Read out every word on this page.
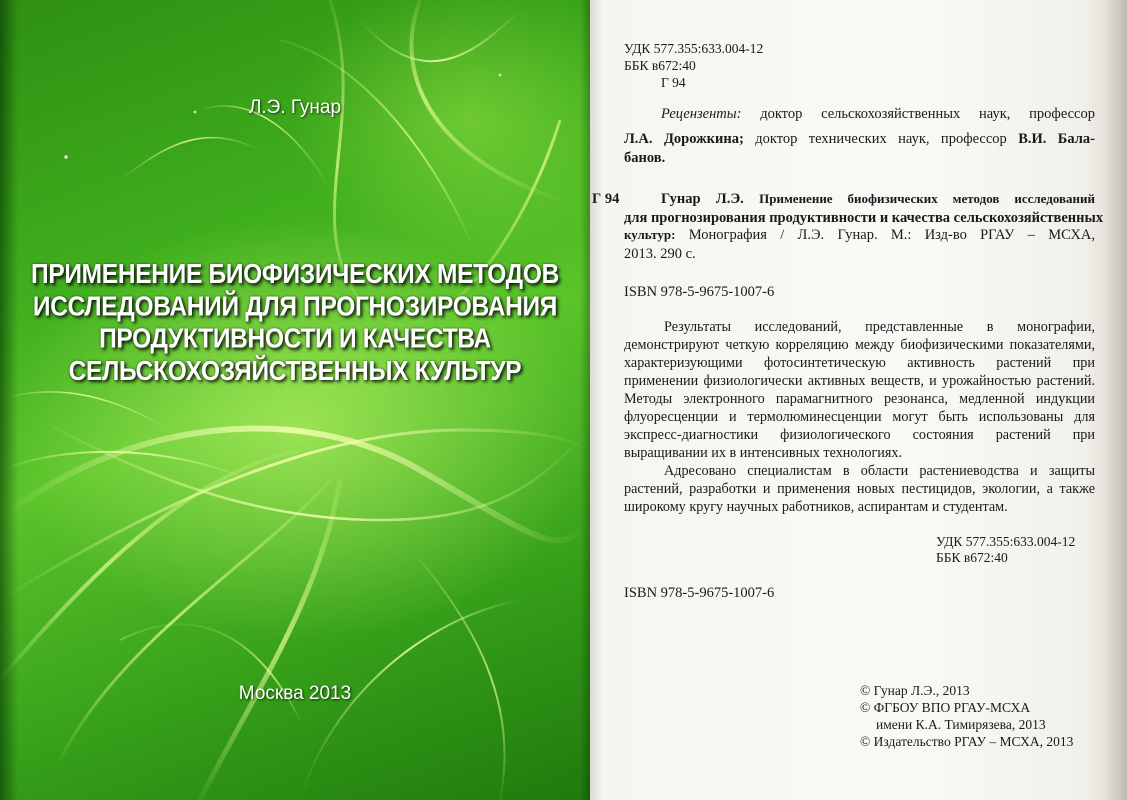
Л.Э. Гунар
ПРИМЕНЕНИЕ БИОФИЗИЧЕСКИХ МЕТОДОВ
ИССЛЕДОВАНИЙ ДЛЯ ПРОГНОЗИРОВАНИЯ
ПРОДУКТИВНОСТИ И КАЧЕСТВА
СЕЛЬСКОХОЗЯЙСТВЕННЫХ КУЛЬТУР
Москва 2013
УДК 577.355:633.004-12
ББК в672:40
Г 94
Рецензенты: доктор сельскохозяйственных наук, профессор
Л.А. Дорожкина; доктор технических наук, профессор В.И. Бала-
банов.
Г 94	Гунар Л.Э. Применение биофизических методов исследований
для прогнозирования продуктивности и качества сельскохозяйственных
культур: Монография / Л.Э. Гунар. М.: Изд-во РГАУ – МСХА,
2013. 290 с.
ISBN 978-5-9675-1007-6

Результаты исследований, представленные в монографии, демонстрируют четкую корреляцию между биофизическими показателями, характеризующими фотосинтетическую активность растений при применении физиологически активных веществ, и урожайностью растений. Методы электронного парамагнитного резонанса, медленной индукции флуоресценции и термолюминесценции могут быть использованы для экспресс-диагностики физиологического состояния растений при выращивании их в интенсивных технологиях.

Адресовано специалистам в области растениеводства и защиты растений, разработки и применения новых пестицидов, экологии, а также широкому кругу научных работников, аспирантам и студентам.

УДК 577.355:633.004-12
ББК в672:40
ISBN 978-5-9675-1007-6
© Гунар Л.Э., 2013
© ФГБОУ ВПО РГАУ-МСХА
имени К.А. Тимирязева, 2013
© Издательство РГАУ – МСХА, 2013
